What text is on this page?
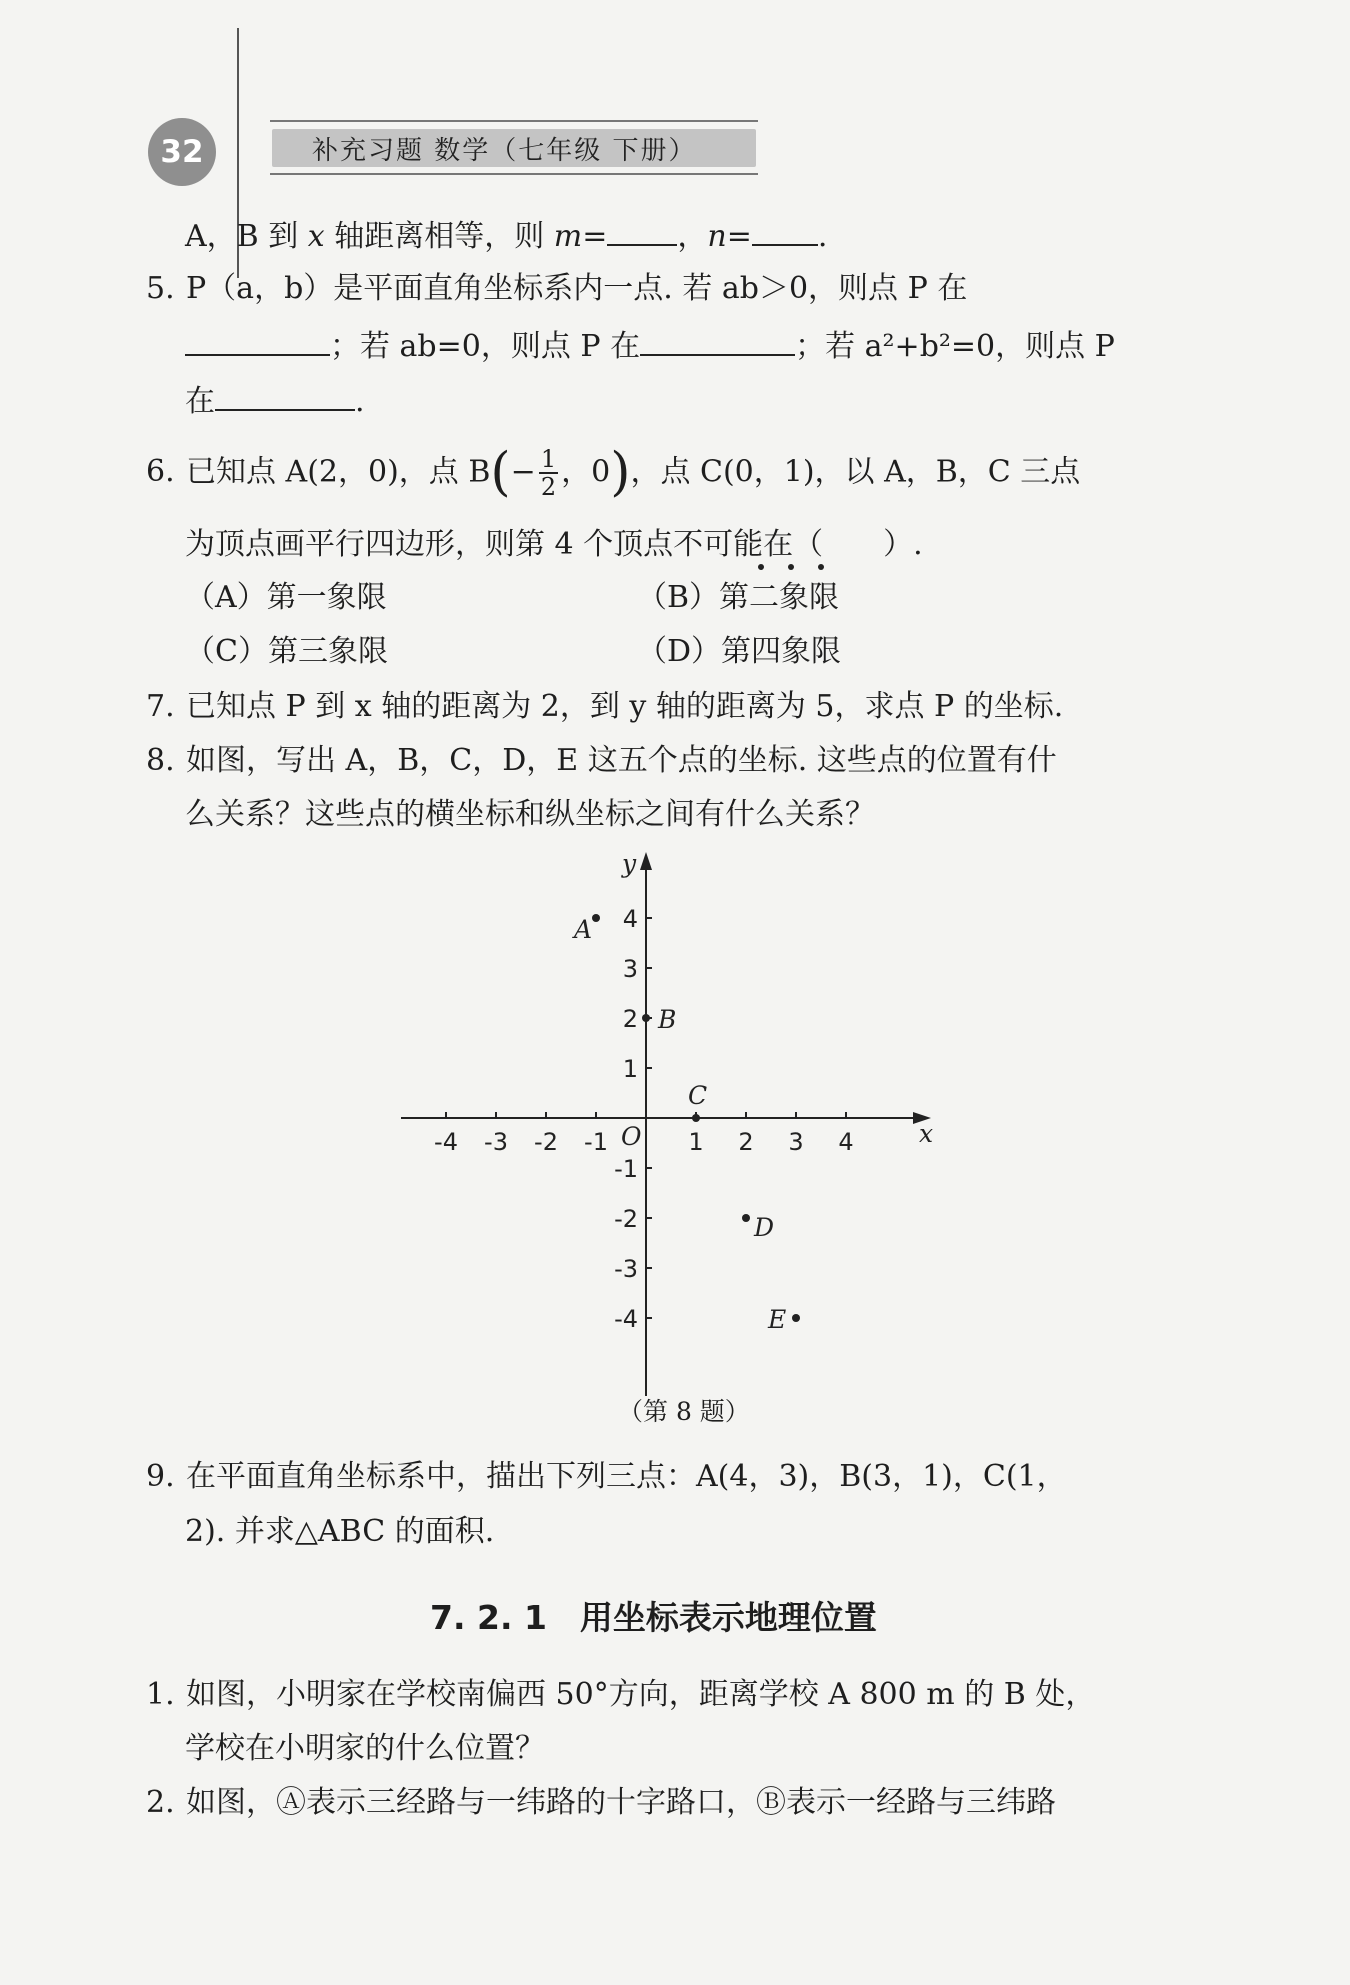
32	补充习题 数学（七年级 下册）
A，B 到 x 轴距离相等，则 m= ，n= .
5. P（a，b）是平面直角坐标系内一点. 若 ab＞0，则点 P 在
；若 ab=0，则点 P 在	；若 a²+b²=0，则点 P
在	.
6. 已知点 A(2，0)，点 $B(- \frac{1}{2}$ ，0)，点 C(0，1)，以 A，B，C 三点
为顶点画平行四边形，则第 4 个顶点不可能在（　　）.
（A）第一象限	（B）第二象限
（C）第三象限	（D）第四象限
7. 已知点 P 到 x 轴的距离为 2，到 y 轴的距离为 5，求点 P 的坐标.
8. 如图，写出 A，B，C，D，E 这五个点的坐标. 这些点的位置有什
么关系？这些点的横坐标和纵坐标之间有什么关系？
x
y
O
-4 -3 -2 -1	1 2 3 4
-4
-3
-2
-1
1
2
3
4
A
B
C
D
E
（第 8 题）
9. 在平面直角坐标系中，描出下列三点：A(4，3)，B(3，1)，C(1，
2). 并求△ABC 的面积.
7. 2. 1　用坐标表示地理位置
1. 如图，小明家在学校南偏西 50°方向，距离学校 A 800 m 的 B 处，
学校在小明家的什么位置？
2. 如图，Ⓐ表示三经路与一纬路的十字路口，Ⓑ表示一经路与三纬路
